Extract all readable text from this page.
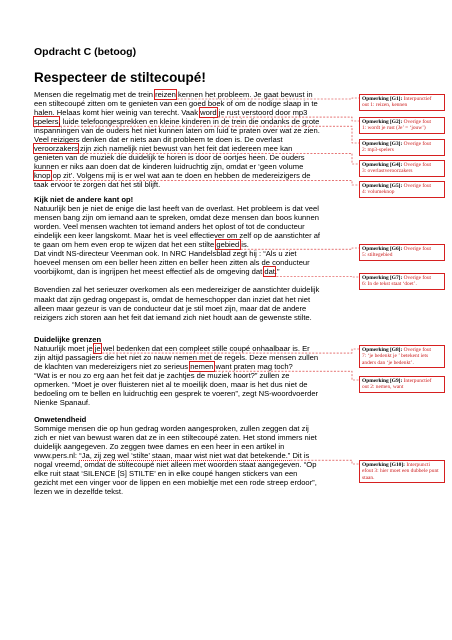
Opdracht C (betoog)
Respecteer de stiltecoupé!
Mensen die regelmatig met de trein reizen kennen het probleem. Je gaat bewust in
een stiltecoupé zitten om te genieten van een goed boek of om de nodige slaap in te
halen. Helaas komt hier weinig van terecht. Vaak word je rust verstoord door mp3
spelers, luide telefoongesprekken en kleine kinderen in de trein die ondanks de grote
inspanningen van de ouders het niet kunnen laten om luid te praten over wat ze zien.
Veel reizigers denken dat er niets aan dit probleem te doen is. De overlast
veroorzakers zijn zich namelijk niet bewust van het feit dat iedereen mee kan
genieten van de muziek die duidelijk te horen is door de oortjes heen. De ouders
kunnen er niks aan doen dat de kinderen luidruchtig zijn, omdat er ‘geen volume
knop op zit’. Volgens mij is er wel wat aan te doen en hebben de medereizigers de
taak ervoor te zorgen dat het stil blijft.
Kijk niet de andere kant op!
Natuurlijk ben je niet de enige die last heeft van de overlast. Het probleem is dat veel
mensen bang zijn om iemand aan te spreken, omdat deze mensen dan boos kunnen
worden. Veel mensen wachten tot iemand anders het oplost of tot de conducteur
eindelijk een keer langskomt. Maar het is veel effectiever om zelf op de aanstichter af
te gaan om hem even erop te wijzen dat het een stilte gebied is.
Dat vindt NS-directeur Veenman ook. In NRC Handelsblad zegt hij : “Als u ziet
hoeveel mensen om een beller heen zitten en beller heen zitten als de conducteur
voorbijkomt, dan is ingrijpen het meest effectief als de omgeving dat dat.”
Bovendien zal het serieuzer overkomen als een medereiziger de aanstichter duidelijk
maakt dat zijn gedrag ongepast is, omdat de hemeschopper dan inziet dat het niet
alleen maar gezeur is van de conducteur dat je stil moet zijn, maar dat de andere
reizigers zich storen aan het feit dat iemand zich niet houdt aan de gewenste stilte.
Duidelijke grenzen
Natuurlijk moet je je wel bedenken dat een compleet stille coupé onhaalbaar is. Er
zijn altijd passagiers die het niet zo nauw nemen met de regels. Deze mensen zullen
de klachten van medereizigers niet zo serieus nemen want praten mag toch?
“Wat is er nou zo erg aan het feit dat je zachtjes de muziek hoort?” zullen ze
opmerken. “Moet je over fluisteren niet al te moeilijk doen, maar is het dus niet de
bedoeling om te bellen en luidruchtig een gesprek te voeren”, zegt NS-woordvoerder
Nienke Spanauf.
Onwetendheid
Sommige mensen die op hun gedrag worden aangesproken, zullen zeggen dat zij
zich er niet van bewust waren dat ze in een stiltecoupé zaten. Het stond immers niet
duidelijk aangegeven. Zo zeggen twee dames en een heer in een artikel in
www.pers.nl: “Ja, zij zeg wel ‘stilte’ staan, maar wist niet wat dat betekende.” Dit is
nogal vreemd, omdat de stiltecoupé niet alleen met woorden staat aangegeven. “Op
elke ruit staat ‘SILENCE [S] STILTE’ en in elke coupé hangen stickers van een
gezicht met een vinger voor de lippen en een mobieltje met een rode streep erdoor”,
lezen we in dezelfde tekst.
Opmerking [G1]: Interpunctief
out 1: reizen, kennen
Opmerking [G2]: Overige fout
1: wordt je rust (Je’ = ‘jouw’)
Opmerking [G3]: Overige fout
2: mp3-spelers
Opmerking [G4]: Overige fout
3: overlastveroorzakers
Opmerking [G5]: Overige fout
4: volumeknop
Opmerking [G6]: Overige fout
5: stiltegebied
Opmerking [G7]: Overige fout
6: In de tekst staat ‘doet’.
Opmerking [G8]: Overige fout
7: ‘je bedenkt je ’ betekent iets anders dan ‘je bedenkt’.
Opmerking [G9]: Interpunctief
out 2: nemen, want
Opmerking [G10]: Interpuncti
efout 3: hier moet een dubbele punt staan.
